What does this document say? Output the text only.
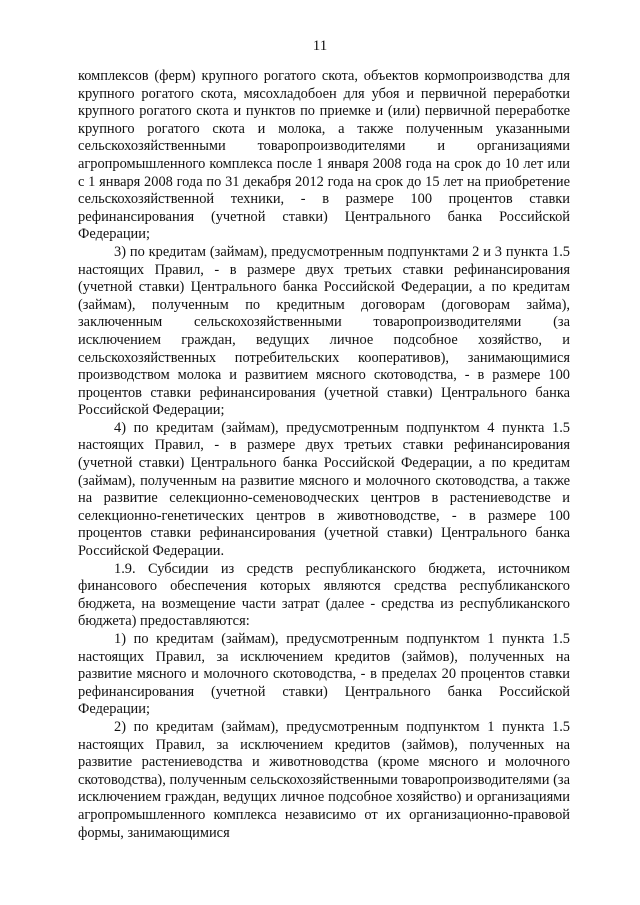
11

комплексов (ферм) крупного рогатого скота, объектов кормопроизводства для крупного рогатого скота, мясохладобоен для убоя и первичной переработки крупного рогатого скота и пунктов по приемке и (или) первичной переработке крупного рогатого скота и молока, а также полученным указанными сельскохозяйственными товаропроизводителями и организациями агропромышленного комплекса после 1 января 2008 года на срок до 10 лет или с 1 января 2008 года по 31 декабря 2012 года на срок до 15 лет на приобретение сельскохозяйственной техники, - в размере 100 процентов ставки рефинансирования (учетной ставки) Центрального банка Российской Федерации;

3) по кредитам (займам), предусмотренным подпунктами 2 и 3 пункта 1.5 настоящих Правил, - в размере двух третьих ставки рефинансирования (учетной ставки) Центрального банка Российской Федерации, а по кредитам (займам), полученным по кредитным договорам (договорам займа), заключенным сельскохозяйственными товаропроизводителями (за исключением граждан, ведущих личное подсобное хозяйство, и сельскохозяйственных потребительских кооперативов), занимающимися производством молока и развитием мясного скотоводства, - в размере 100 процентов ставки рефинансирования (учетной ставки) Центрального банка Российской Федерации;

4) по кредитам (займам), предусмотренным подпунктом 4 пункта 1.5 настоящих Правил, - в размере двух третьих ставки рефинансирования (учетной ставки) Центрального банка Российской Федерации, а по кредитам (займам), полученным на развитие мясного и молочного скотоводства, а также на развитие селекционно-семеноводческих центров в растениеводстве и селекционно-генетических центров в животноводстве, - в размере 100 процентов ставки рефинансирования (учетной ставки) Центрального банка Российской Федерации.

1.9. Субсидии из средств республиканского бюджета, источником финансового обеспечения которых являются средства республиканского бюджета, на возмещение части затрат (далее - средства из республиканского бюджета) предоставляются:

1) по кредитам (займам), предусмотренным подпунктом 1 пункта 1.5 настоящих Правил, за исключением кредитов (займов), полученных на развитие мясного и молочного скотоводства, - в пределах 20 процентов ставки рефинансирования (учетной ставки) Центрального банка Российской Федерации;

2) по кредитам (займам), предусмотренным подпунктом 1 пункта 1.5 настоящих Правил, за исключением кредитов (займов), полученных на развитие растениеводства и животноводства (кроме мясного и молочного скотоводства), полученным сельскохозяйственными товаропроизводителями (за исключением граждан, ведущих личное подсобное хозяйство) и организациями агропромышленного комплекса независимо от их организационно-правовой формы, занимающимися
